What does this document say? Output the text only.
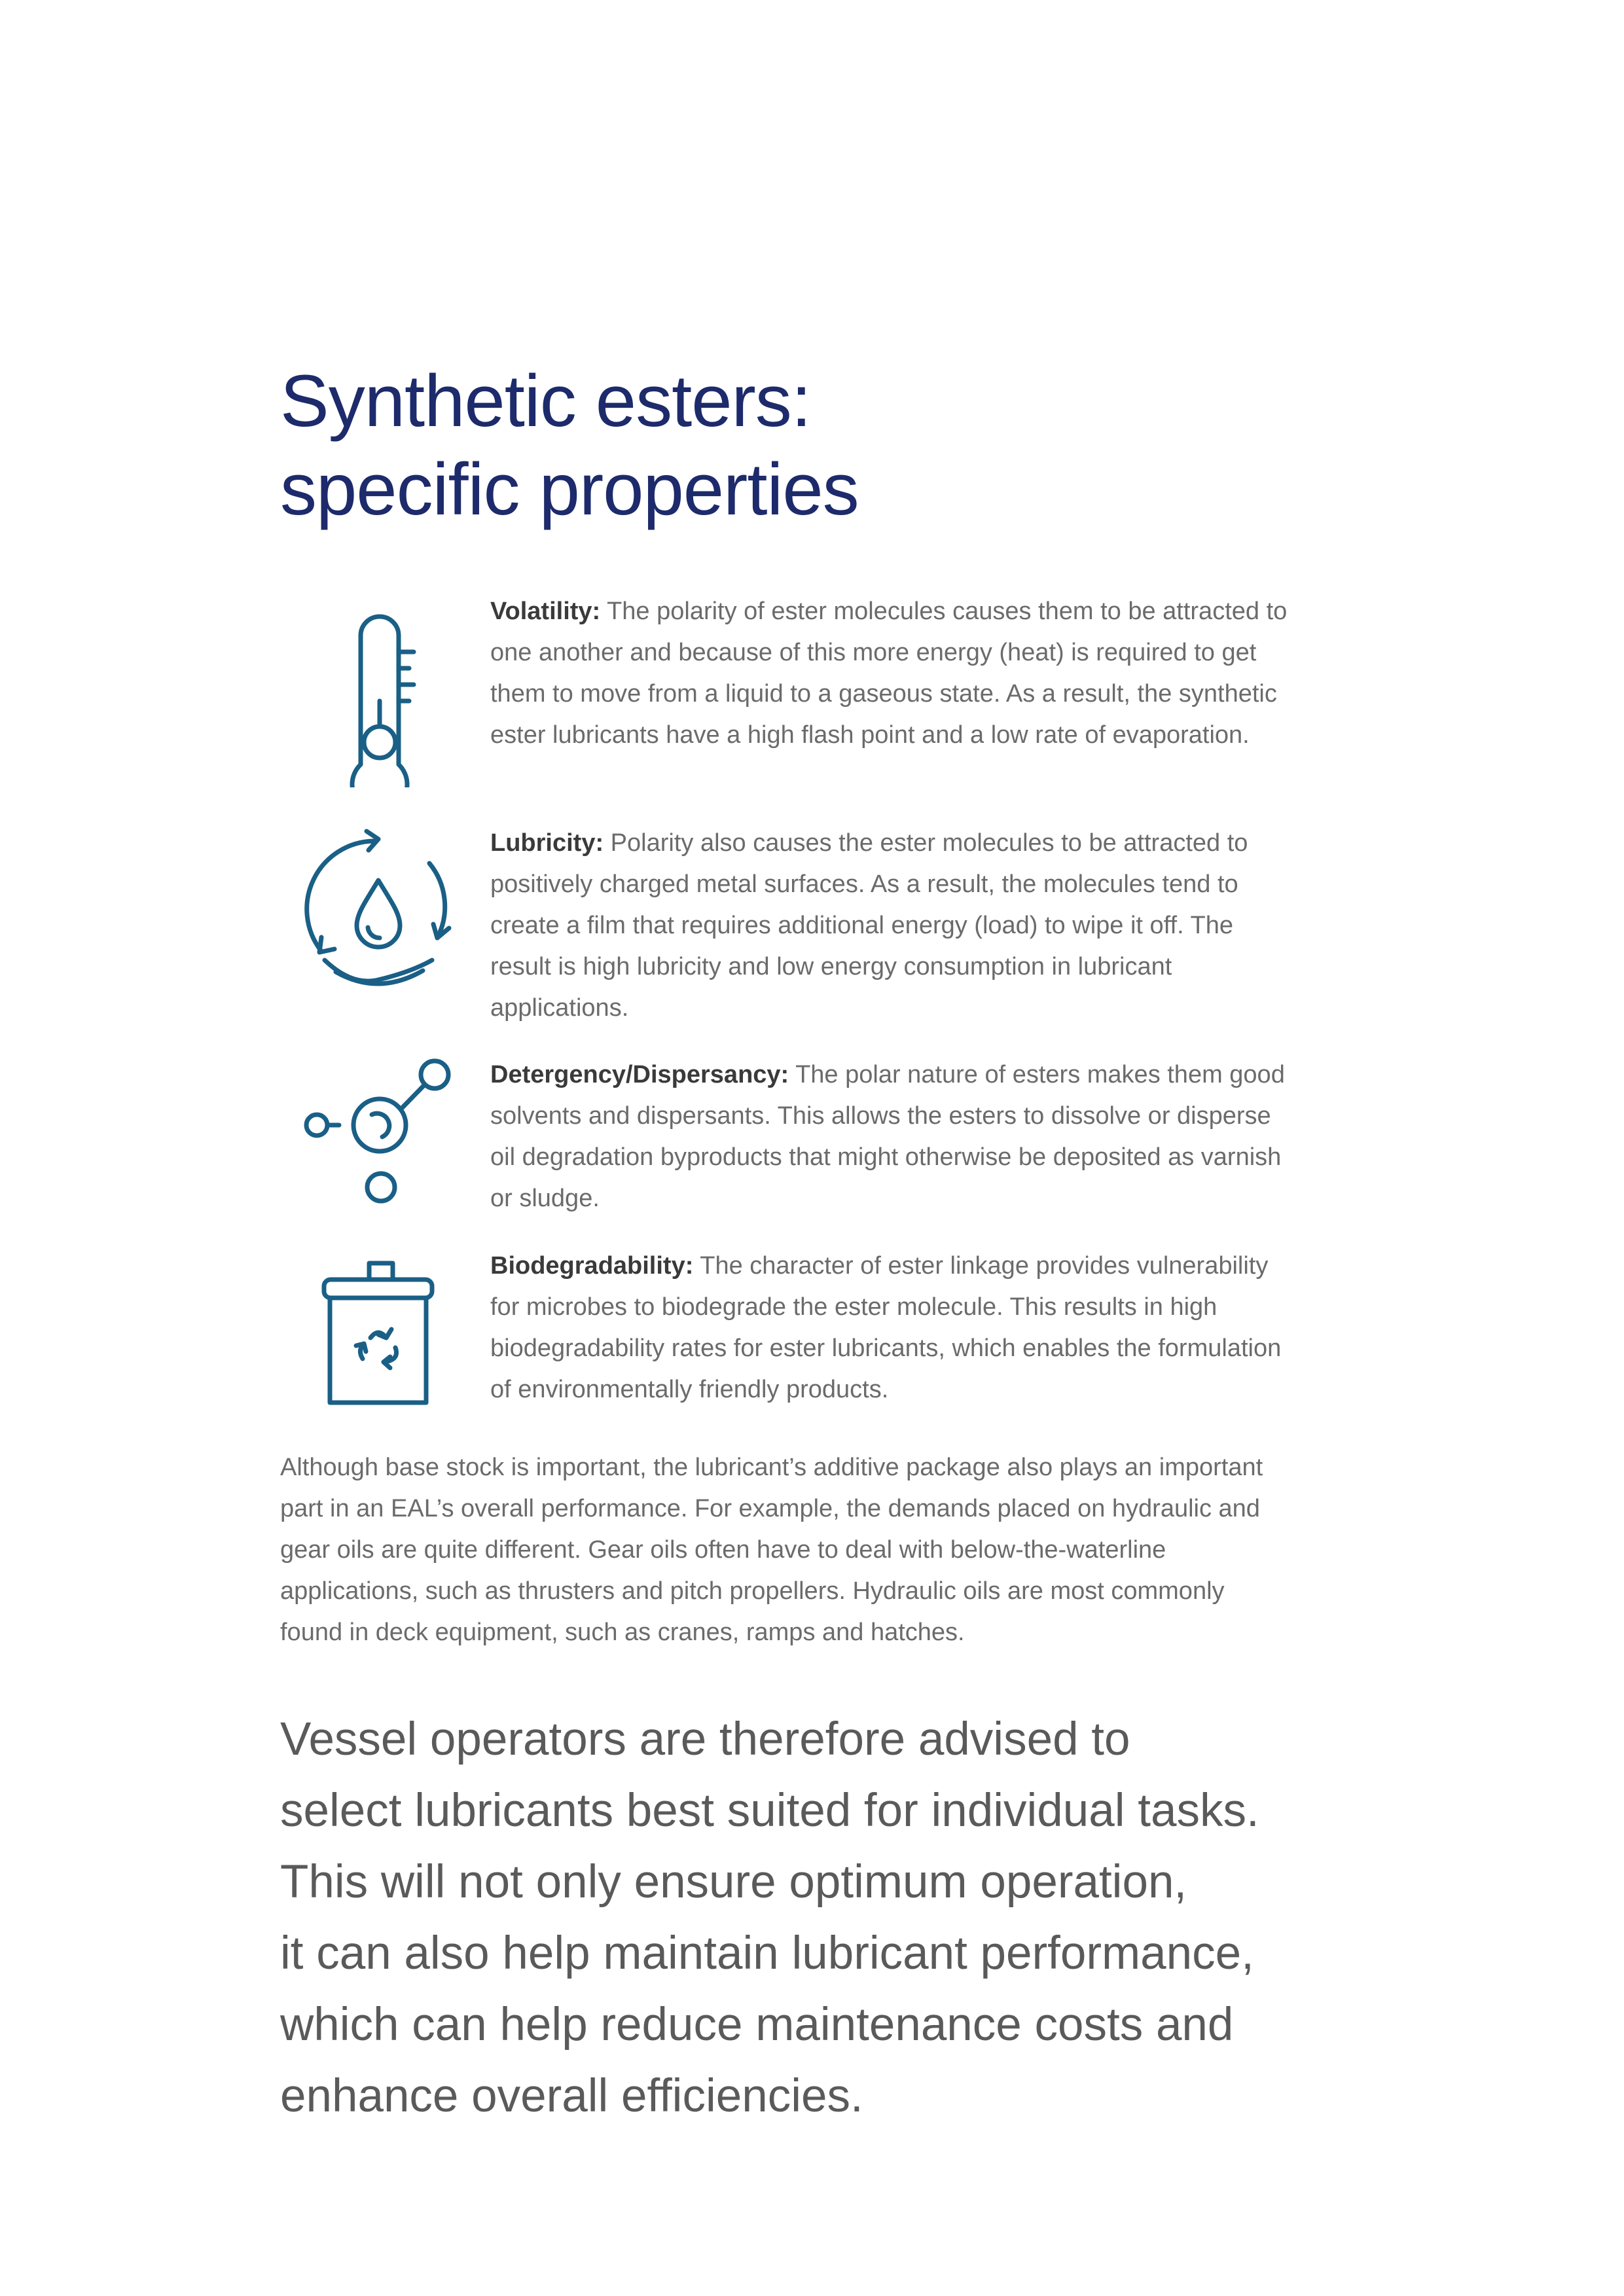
Synthetic esters:
specific properties

Volatility: The polarity of ester molecules causes them to be attracted to one another and because of this more energy (heat) is required to get them to move from a liquid to a gaseous state. As a result, the synthetic ester lubricants have a high flash point and a low rate of evaporation.

Lubricity: Polarity also causes the ester molecules to be attracted to positively charged metal surfaces. As a result, the molecules tend to create a film that requires additional energy (load) to wipe it off. The result is high lubricity and low energy consumption in lubricant applications.

Detergency/Dispersancy: The polar nature of esters makes them good solvents and dispersants. This allows the esters to dissolve or disperse oil degradation byproducts that might otherwise be deposited as varnish or sludge.

Biodegradability: The character of ester linkage provides vulnerability for microbes to biodegrade the ester molecule. This results in high biodegradability rates for ester lubricants, which enables the formulation of environmentally friendly products.

Although base stock is important, the lubricant’s additive package also plays an important part in an EAL’s overall performance. For example, the demands placed on hydraulic and gear oils are quite different. Gear oils often have to deal with below-the-waterline applications, such as thrusters and pitch propellers. Hydraulic oils are most commonly found in deck equipment, such as cranes, ramps and hatches.

Vessel operators are therefore advised to
select lubricants best suited for individual tasks.
This will not only ensure optimum operation,
it can also help maintain lubricant performance,
which can help reduce maintenance costs and
enhance overall efficiencies.
